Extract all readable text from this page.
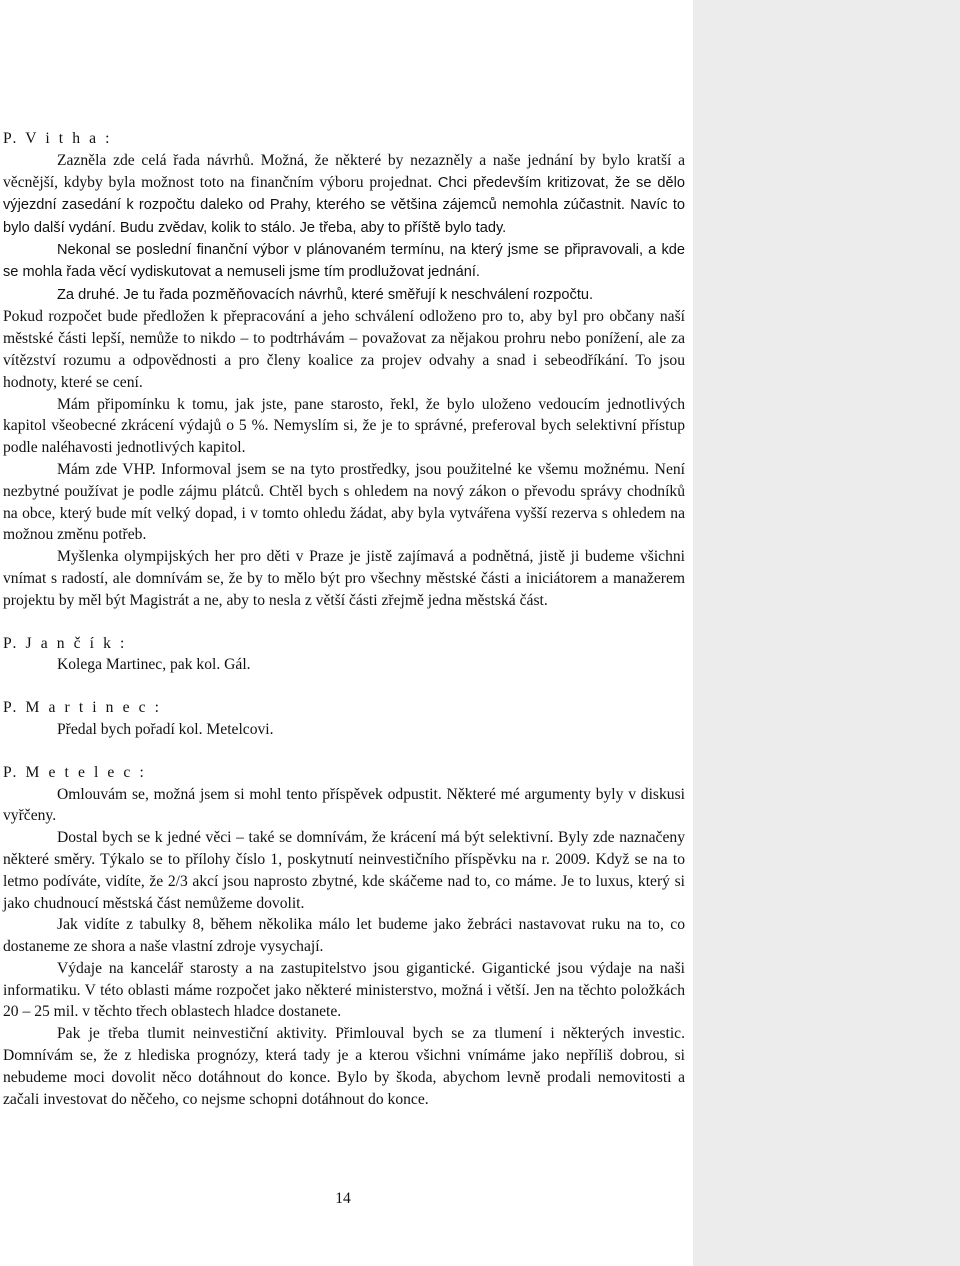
P. V i t h a :

Zazněla zde celá řada návrhů. Možná, že některé by nezazněly a naše jednání by bylo kratší a věcnější, kdyby byla možnost toto na finančním výboru projednat. Chci především kritizovat, že se dělo výjezdní zasedání k rozpočtu daleko od Prahy, kterého se většina zájemců nemohla zúčastnit. Navíc to bylo další vydání. Budu zvědav, kolik to stálo. Je třeba, aby to příště bylo tady.

Nekonal se poslední finanční výbor v plánovaném termínu, na který jsme se připravovali, a kde se mohla řada věcí vydiskutovat a nemuseli jsme tím prodlužovat jednání.

Za druhé. Je tu řada pozměňovacích návrhů, které směřují k neschválení rozpočtu.

Pokud rozpočet bude předložen k přepracování a jeho schválení odloženo pro to, aby byl pro občany naší městské části lepší, nemůže to nikdo – to podtrhávám – považovat za nějakou prohru nebo ponížení, ale za vítězství rozumu a odpovědnosti a pro členy koalice za projev odvahy a snad i sebeodříkání. To jsou hodnoty, které se cení.

Mám připomínku k tomu, jak jste, pane starosto, řekl, že bylo uloženo vedoucím jednotlivých kapitol všeobecné zkrácení výdajů o 5 %. Nemyslím si, že je to správné, preferoval bych selektivní přístup podle naléhavosti jednotlivých kapitol.

Mám zde VHP. Informoval jsem se na tyto prostředky, jsou použitelné ke všemu možnému. Není nezbytné používat je podle zájmu plátců. Chtěl bych s ohledem na nový zákon o převodu správy chodníků na obce, který bude mít velký dopad, i v tomto ohledu žádat, aby byla vytvářena vyšší rezerva s ohledem na možnou změnu potřeb.

Myšlenka olympijských her pro děti v Praze je jistě zajímavá a podnětná, jistě ji budeme všichni vnímat s radostí, ale domnívám se, že by to mělo být pro všechny městské části a iniciátorem a manažerem projektu by měl být Magistrát a ne, aby to nesla z větší části zřejmě jedna městská část.

P. J a n č í k :

Kolega Martinec, pak kol. Gál.

P. M a r t i n e c :

Předal bych pořadí kol. Metelcovi.

P. M e t e l e c :

Omlouvám se, možná jsem si mohl tento příspěvek odpustit. Některé mé argumenty byly v diskusi vyřčeny.

Dostal bych se k jedné věci – také se domnívám, že krácení má být selektivní. Byly zde naznačeny některé směry. Týkalo se to přílohy číslo 1, poskytnutí neinvestičního příspěvku na r. 2009. Když se na to letmo podíváte, vidíte, že 2/3 akcí jsou naprosto zbytné, kde skáčeme nad to, co máme. Je to luxus, který si jako chudnoucí městská část nemůžeme dovolit.

Jak vidíte z tabulky 8, během několika málo let budeme jako žebráci nastavovat ruku na to, co dostaneme ze shora a naše vlastní zdroje vysychají.

Výdaje na kancelář starosty a na zastupitelstvo jsou gigantické. Gigantické jsou výdaje na naši informatiku. V této oblasti máme rozpočet jako některé ministerstvo, možná i větší. Jen na těchto položkách 20 – 25 mil. v těchto třech oblastech hladce dostanete.

Pak je třeba tlumit neinvestiční aktivity. Přimlouval bych se za tlumení i některých investic. Domnívám se, že z hlediska prognózy, která tady je a kterou všichni vnímáme jako nepříliš dobrou, si nebudeme moci dovolit něco dotáhnout do konce. Bylo by škoda, abychom levně prodali nemovitosti a začali investovat do něčeho, co nejsme schopni dotáhnout do konce.

14
